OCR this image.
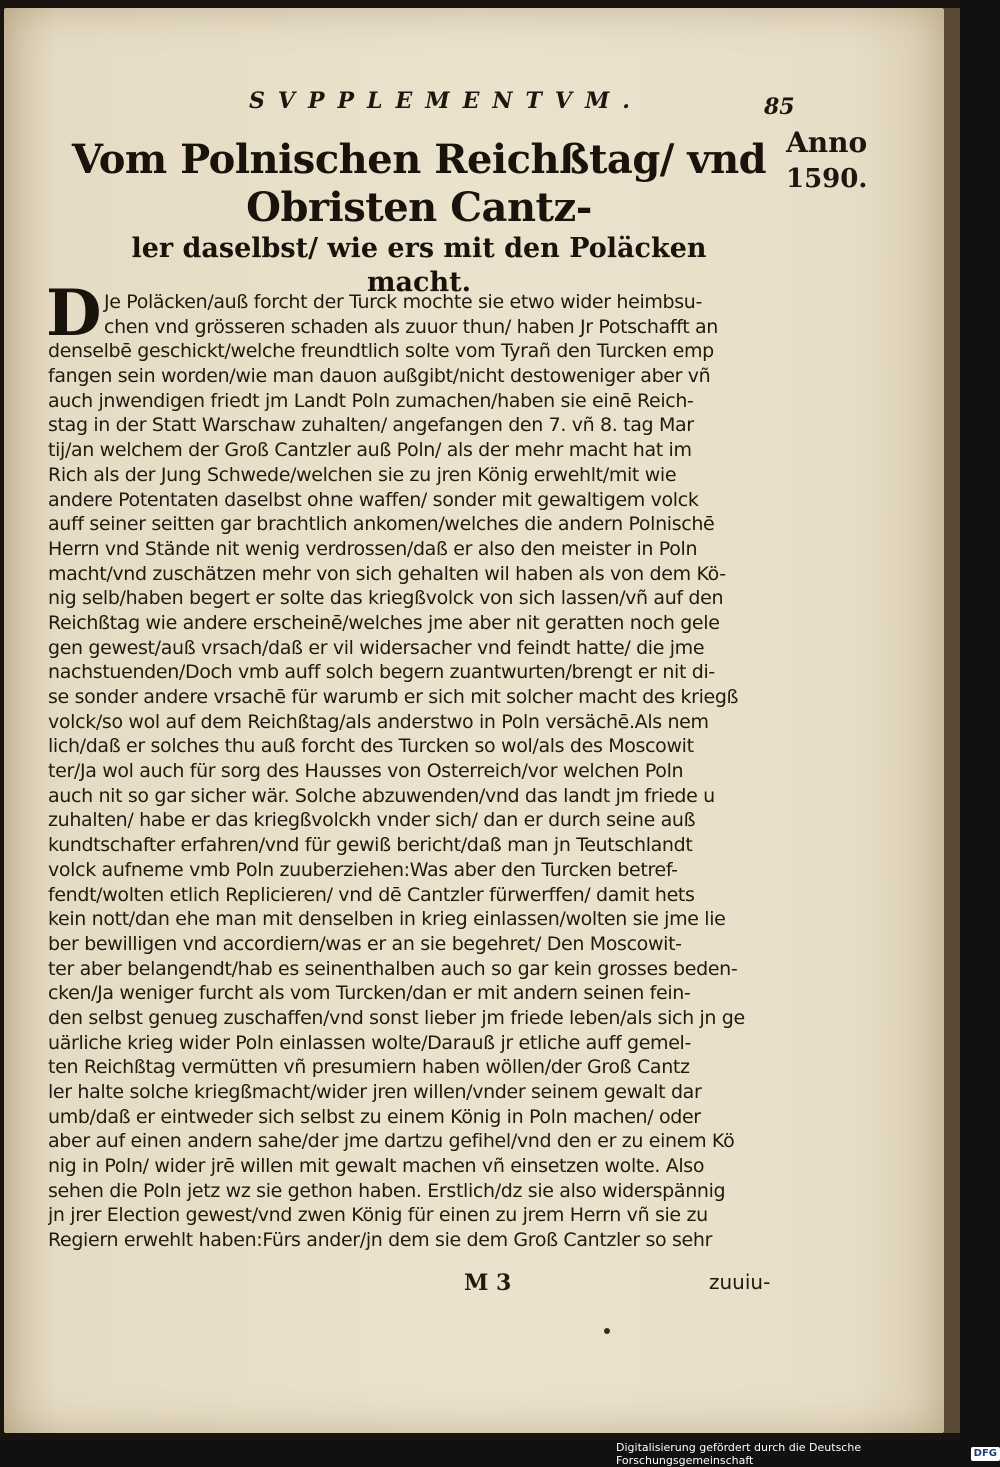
SVPPLEMENTVM.	85
Anno
1590.
Vom Polnischen Reichßtag/ vnd Obristen Cantz-
ler daselbst/ wie ers mit den Poläcken
macht.
D Je Poläcken/auß forcht der Turck mochte sie etwo wider heimbsu-
chen vnd grösseren schaden als zuuor thun/ haben Jr Potschafft an
denselbē geschickt/welche freundtlich solte vom Tyrañ den Turcken emp
fangen sein worden/wie man dauon außgibt/nicht destoweniger aber vñ
auch jnwendigen friedt jm Landt Poln zumachen/haben sie einē Reich-
stag in der Statt Warschaw zuhalten/ angefangen den 7. vñ 8. tag Mar
tij/an welchem der Groß Cantzler auß Poln/ als der mehr macht hat im
Rich als der Jung Schwede/welchen sie zu jren König erwehlt/mit wie
andere Potentaten daselbst ohne waffen/ sonder mit gewaltigem volck
auff seiner seitten gar brachtlich ankomen/welches die andern Polnischē
Herrn vnd Stände nit wenig verdrossen/daß er also den meister in Poln
macht/vnd zuschätzen mehr von sich gehalten wil haben als von dem Kö-
nig selb/haben begert er solte das kriegßvolck von sich lassen/vñ auf den
Reichßtag wie andere erscheinē/welches jme aber nit geratten noch gele
gen gewest/auß vrsach/daß er vil widersacher vnd feindt hatte/ die jme
nachstuenden/Doch vmb auff solch begern zuantwurten/brengt er nit di-
se sonder andere vrsachē für warumb er sich mit solcher macht des kriegß
volck/so wol auf dem Reichßtag/als anderstwo in Poln versächē.Als nem
lich/daß er solches thu auß forcht des Turcken so wol/als des Moscowit
ter/Ja wol auch für sorg des Hausses von Osterreich/vor welchen Poln
auch nit so gar sicher wär. Solche abzuwenden/vnd das landt jm friede u
zuhalten/ habe er das kriegßvolckh vnder sich/ dan er durch seine auß
kundtschafter erfahren/vnd für gewiß bericht/daß man jn Teutschlandt
volck aufneme vmb Poln zuuberziehen:Was aber den Turcken betref-
fendt/wolten etlich Replicieren/ vnd dē Cantzler fürwerffen/ damit hets
kein nott/dan ehe man mit denselben in krieg einlassen/wolten sie jme lie
ber bewilligen vnd accordiern/was er an sie begehret/ Den Moscowit-
ter aber belangendt/hab es seinenthalben auch so gar kein grosses beden-
cken/Ja weniger furcht als vom Turcken/dan er mit andern seinen fein-
den selbst genueg zuschaffen/vnd sonst lieber jm friede leben/als sich jn ge
uärliche krieg wider Poln einlassen wolte/Darauß jr etliche auff gemel-
ten Reichßtag vermütten vñ presumiern haben wöllen/der Groß Cantz
ler halte solche kriegßmacht/wider jren willen/vnder seinem gewalt dar
umb/daß er eintweder sich selbst zu einem König in Poln machen/ oder
aber auf einen andern sahe/der jme dartzu gefihel/vnd den er zu einem Kö
nig in Poln/ wider jrē willen mit gewalt machen vñ einsetzen wolte. Also
sehen die Poln jetz wz sie gethon haben. Erstlich/dz sie also widerspännig
jn jrer Election gewest/vnd zwen König für einen zu jrem Herrn vñ sie zu
Regiern erwehlt haben:Fürs ander/jn dem sie dem Groß Cantzler so sehr
M 3	zuuiu-
Digitalisierung gefördert durch die Deutsche Forschungsgemeinschaft
DFG
